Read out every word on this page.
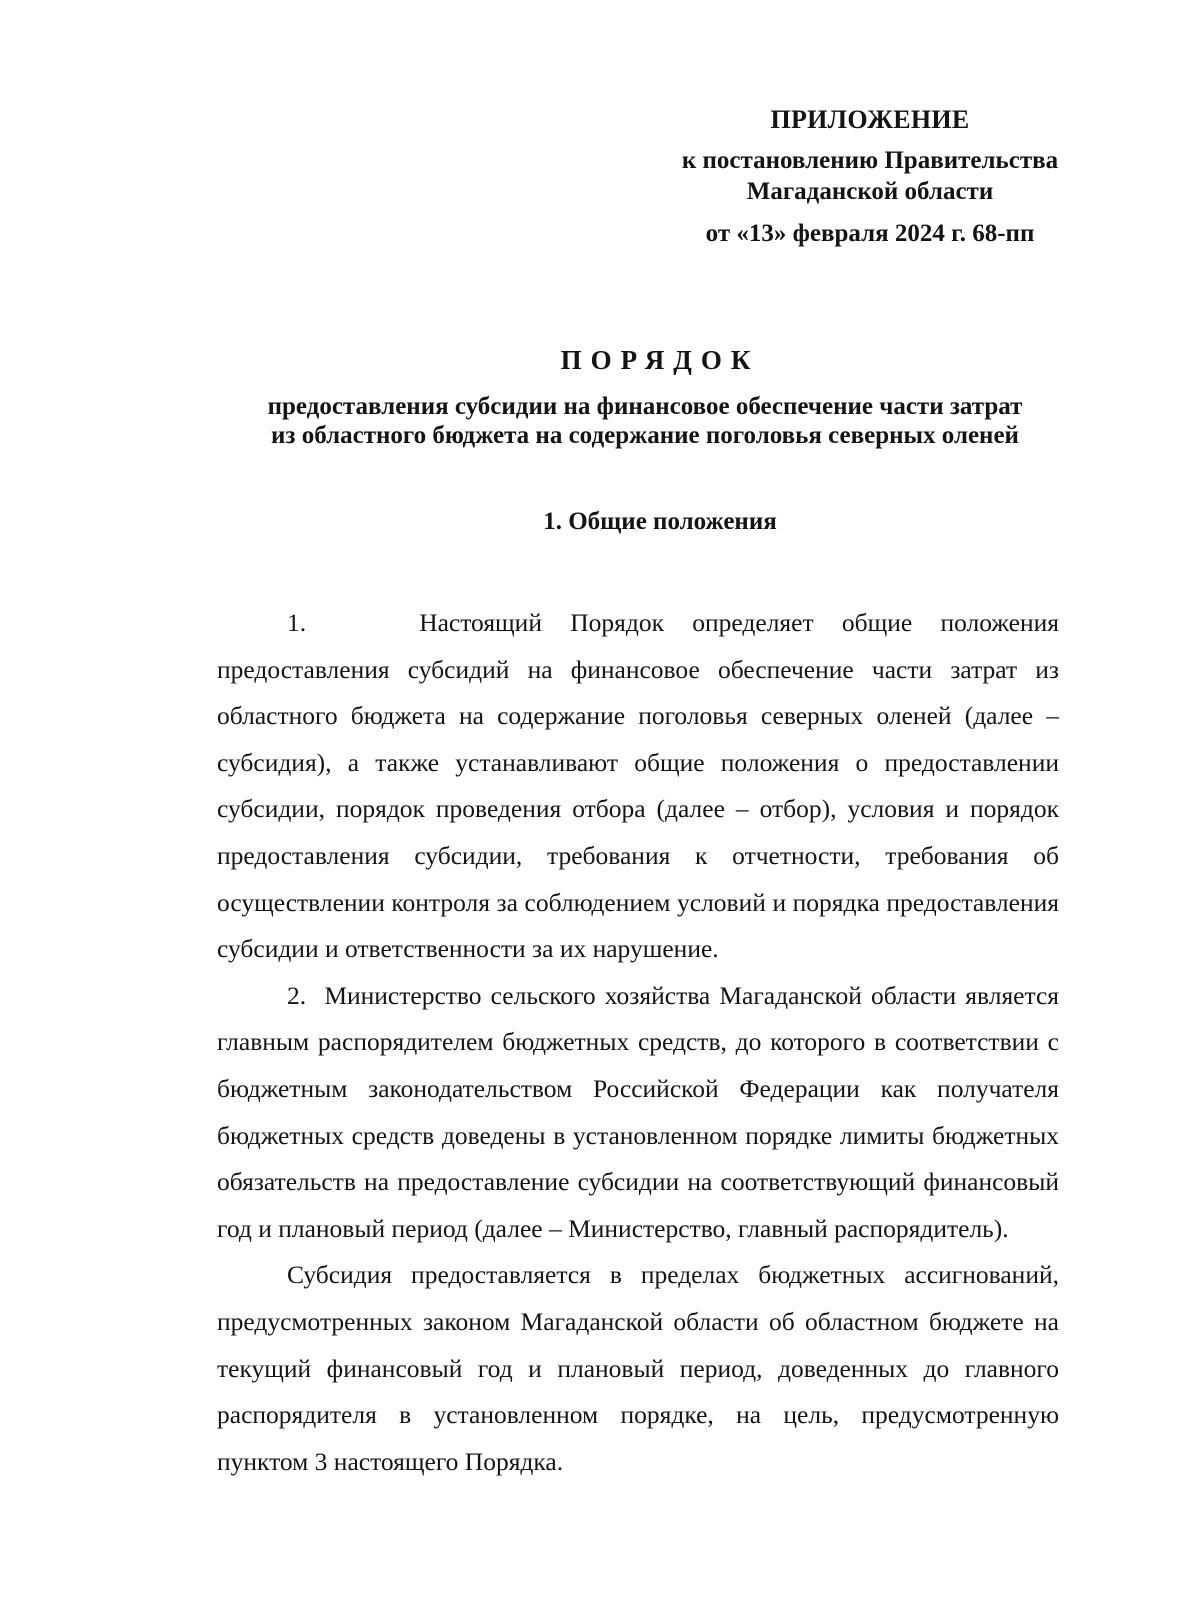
ПРИЛОЖЕНИЕ
к постановлению Правительства
Магаданской области
от «13» февраля 2024 г. 68-пп
ПОРЯДОК
предоставления субсидии на финансовое обеспечение части затрат
из областного бюджета на содержание поголовья северных оленей
1. Общие положения

1.    Настоящий Порядок определяет общие положения предоставления субсидий на финансовое обеспечение части затрат из областного бюджета на содержание поголовья северных оленей (далее – субсидия), а также устанавливают общие положения о предоставлении субсидии, порядок проведения отбора (далее – отбор), условия и порядок предоставления субсидии, требования к отчетности, требования об осуществлении контроля за соблюдением условий и порядка предоставления субсидии и ответственности за их нарушение.

2.  Министерство сельского хозяйства Магаданской области является главным распорядителем бюджетных средств, до которого в соответствии с бюджетным законодательством Российской Федерации как получателя бюджетных средств доведены в установленном порядке лимиты бюджетных обязательств на предоставление субсидии на соответствующий финансовый год и плановый период (далее – Министерство, главный распорядитель).

Субсидия предоставляется в пределах бюджетных ассигнований, предусмотренных законом Магаданской области об областном бюджете на текущий финансовый год и плановый период, доведенных до главного распорядителя в установленном порядке, на цель, предусмотренную пунктом 3 настоящего Порядка.
